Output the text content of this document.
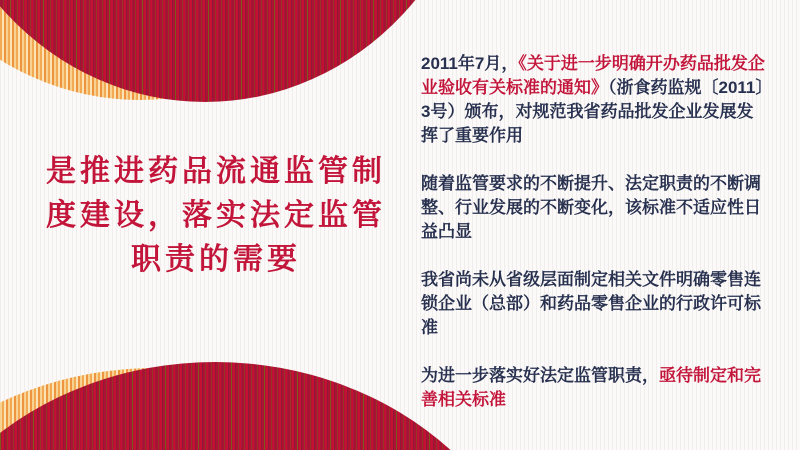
是推进药品流通监管制度建设，落实法定监管职责的需要

2011年7月，《关于进一步明确开办药品批发企业验收有关标准的通知》（浙食药监规〔2011〕3号）颁布，对规范我省药品批发企业发展发挥了重要作用

随着监管要求的不断提升、法定职责的不断调整、行业发展的不断变化，该标准不适应性日益凸显

我省尚未从省级层面制定相关文件明确零售连锁企业（总部）和药品零售企业的行政许可标准

为进一步落实好法定监管职责，亟待制定和完善相关标准
